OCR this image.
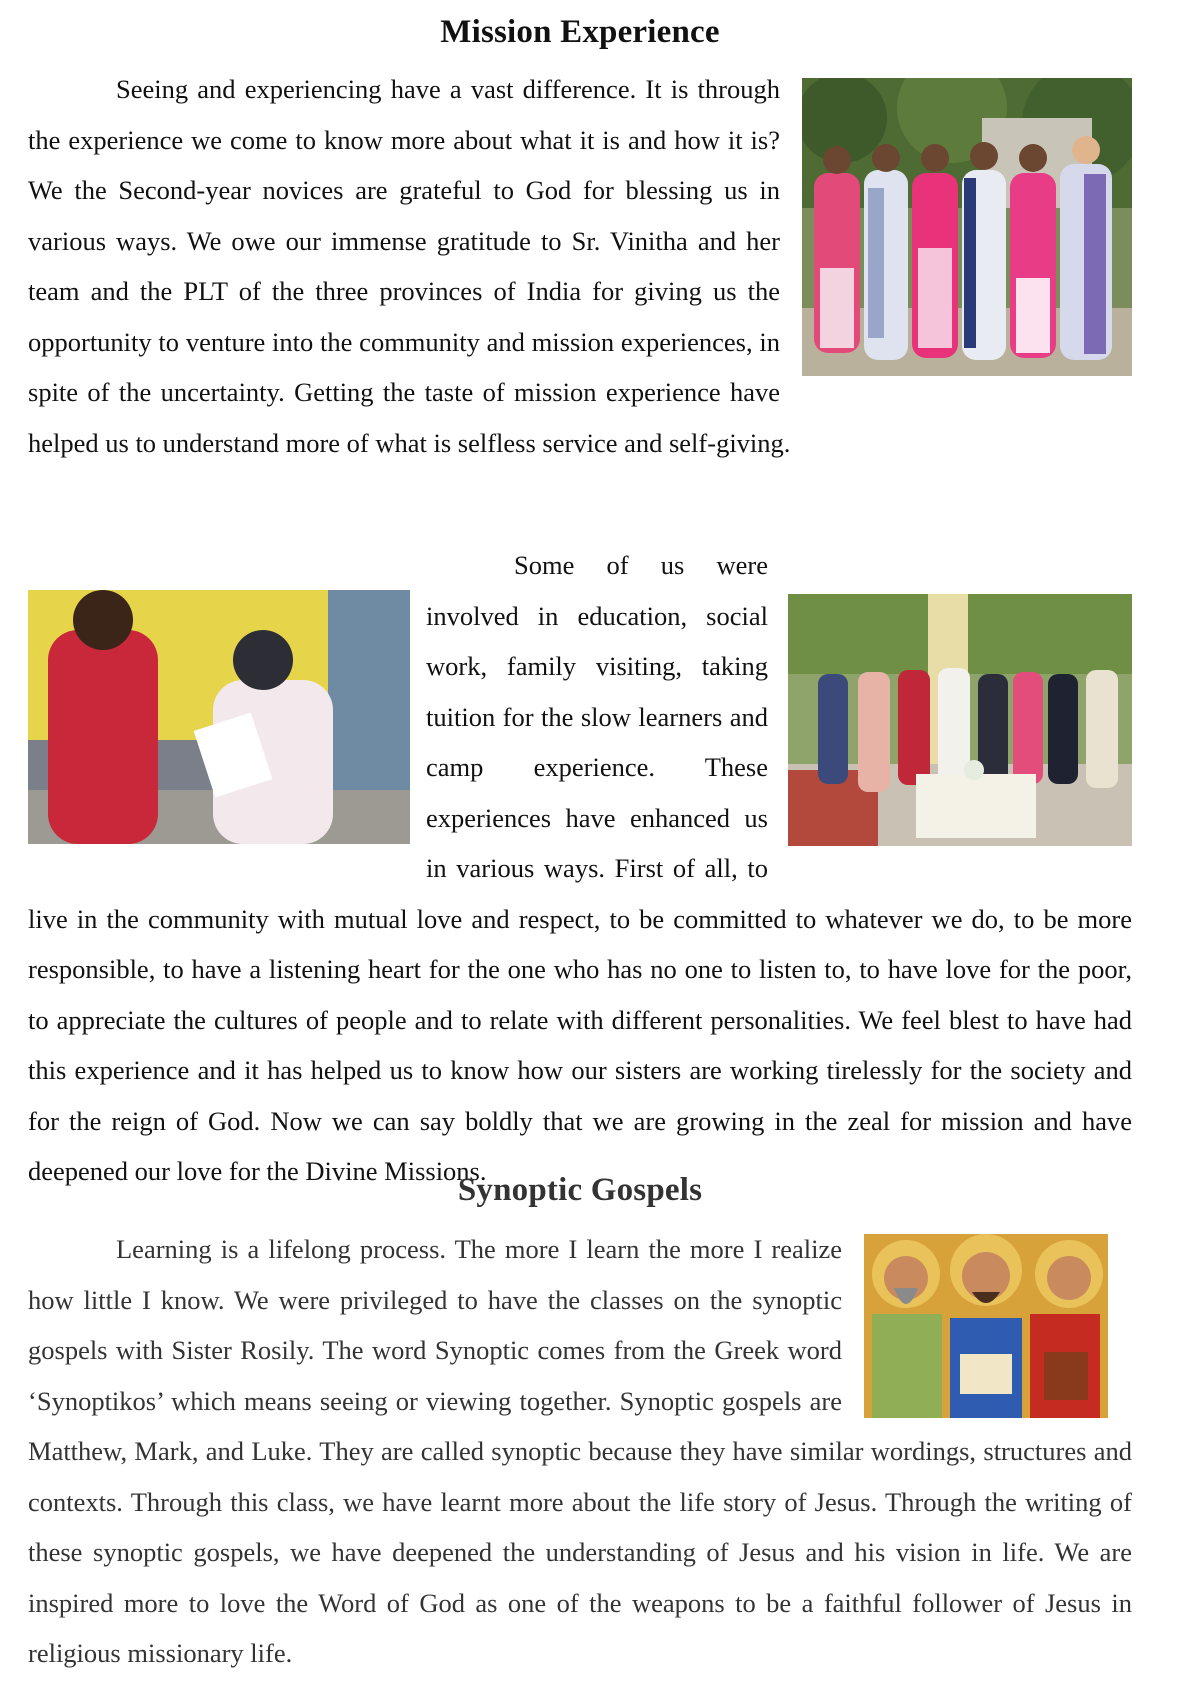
Mission Experience

Seeing and experiencing have a vast difference. It is through the experience we come to know more about what it is and how it is? We the Second-year novices are grateful to God for blessing us in various ways. We owe our immense gratitude to Sr. Vinitha and her team and the PLT of the three provinces of India for giving us the opportunity to venture into the community and mission experiences, in spite of the uncertainty. Getting the taste of mission experience have helped us to understand more of what is selfless service and self-giving.

Some of us were involved in education, social work, family visiting, taking tuition for the slow learners and camp experience. These experiences have enhanced us in various ways. First of all, to live in the community with mutual love and respect, to be committed to whatever we do, to be more responsible, to have a listening heart for the one who has no one to listen to, to have love for the poor, to appreciate the cultures of people and to relate with different personalities. We feel blest to have had this experience and it has helped us to know how our sisters are working tirelessly for the society and for the reign of God. Now we can say boldly that we are growing in the zeal for mission and have deepened our love for the Divine Missions.

Synoptic Gospels

Learning is a lifelong process. The more I learn the more I realize how little I know. We were privileged to have the classes on the synoptic gospels with Sister Rosily. The word Synoptic comes from the Greek word ‘Synoptikos’ which means seeing or viewing together. Synoptic gospels are Matthew, Mark, and Luke. They are called synoptic because they have similar wordings, structures and contexts. Through this class, we have learnt more about the life story of Jesus. Through the writing of these synoptic gospels, we have deepened the understanding of Jesus and his vision in life. We are inspired more to love the Word of God as one of the weapons to be a faithful follower of Jesus in religious missionary life.
